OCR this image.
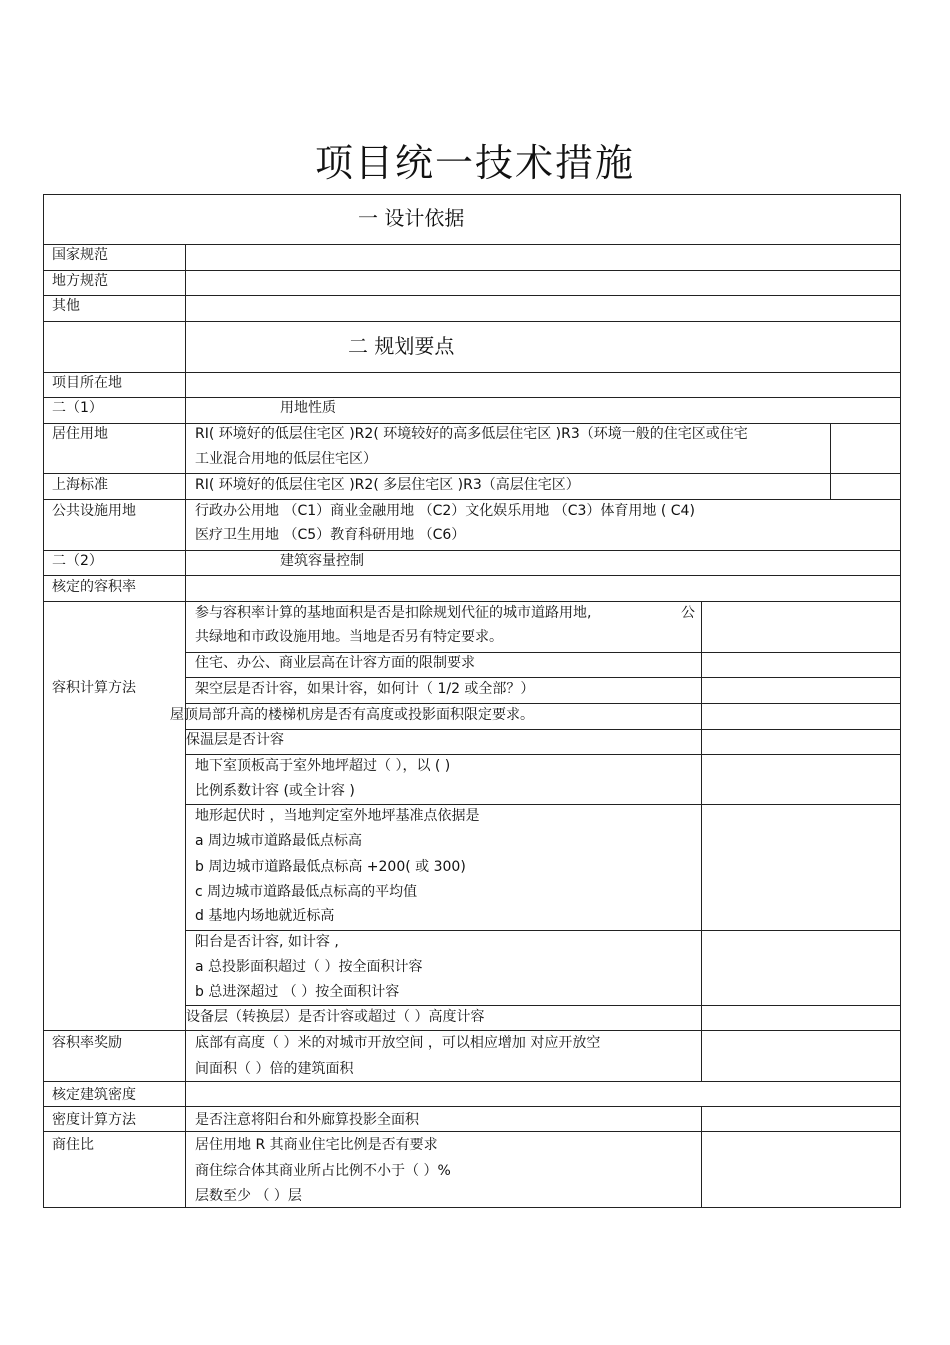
项目统一技术措施
一 设计依据
二 规划要点
国家规范
地方规范
其他
项目所在地
二（1）
居住用地
上海标准
公共设施用地
二（2）
核定的容积率
容积计算方法
容积率奖励
核定建筑密度
密度计算方法
商住比
用地性质
RI( 环境好的低层住宅区 )R2( 环境较好的高多低层住宅区 )R3（环境一般的住宅区或住宅
工业混合用地的低层住宅区）
RI( 环境好的低层住宅区 )R2( 多层住宅区 )R3（高层住宅区）
行政办公用地 （C1）商业金融用地 （C2）文化娱乐用地 （C3）体育用地 ( C4)
医疗卫生用地 （C5）教育科研用地 （C6）
建筑容量控制
参与容积率计算的基地面积是否是扣除规划代征的城市道路用地,	公
共绿地和市政设施用地。当地是否另有特定要求。
住宅、办公、商业层高在计容方面的限制要求
架空层是否计容，如果计容，如何计（ 1/2 或全部？）
屋顶局部升高的楼梯机房是否有高度或投影面积限定要求。
保温层是否计容
地下室顶板高于室外地坪超过（ ），以 ( )
比例系数计容 (或全计容 )
地形起伏时 ，当地判定室外地坪基准点依据是
a 周边城市道路最低点标高
b 周边城市道路最低点标高 +200( 或 300)
c 周边城市道路最低点标高的平均值
d 基地内场地就近标高
阳台是否计容, 如计容 ,
a 总投影面积超过（ ）按全面积计容
b 总进深超过 （ ）按全面积计容
设备层（转换层）是否计容或超过（ ）高度计容
底部有高度（ ）米的对城市开放空间 ，可以相应增加 对应开放空
间面积（ ）倍的建筑面积
是否注意将阳台和外廊算投影全面积
居住用地 R 其商业住宅比例是否有要求
商住综合体其商业所占比例不小于（ ）%
层数至少 （ ）层
